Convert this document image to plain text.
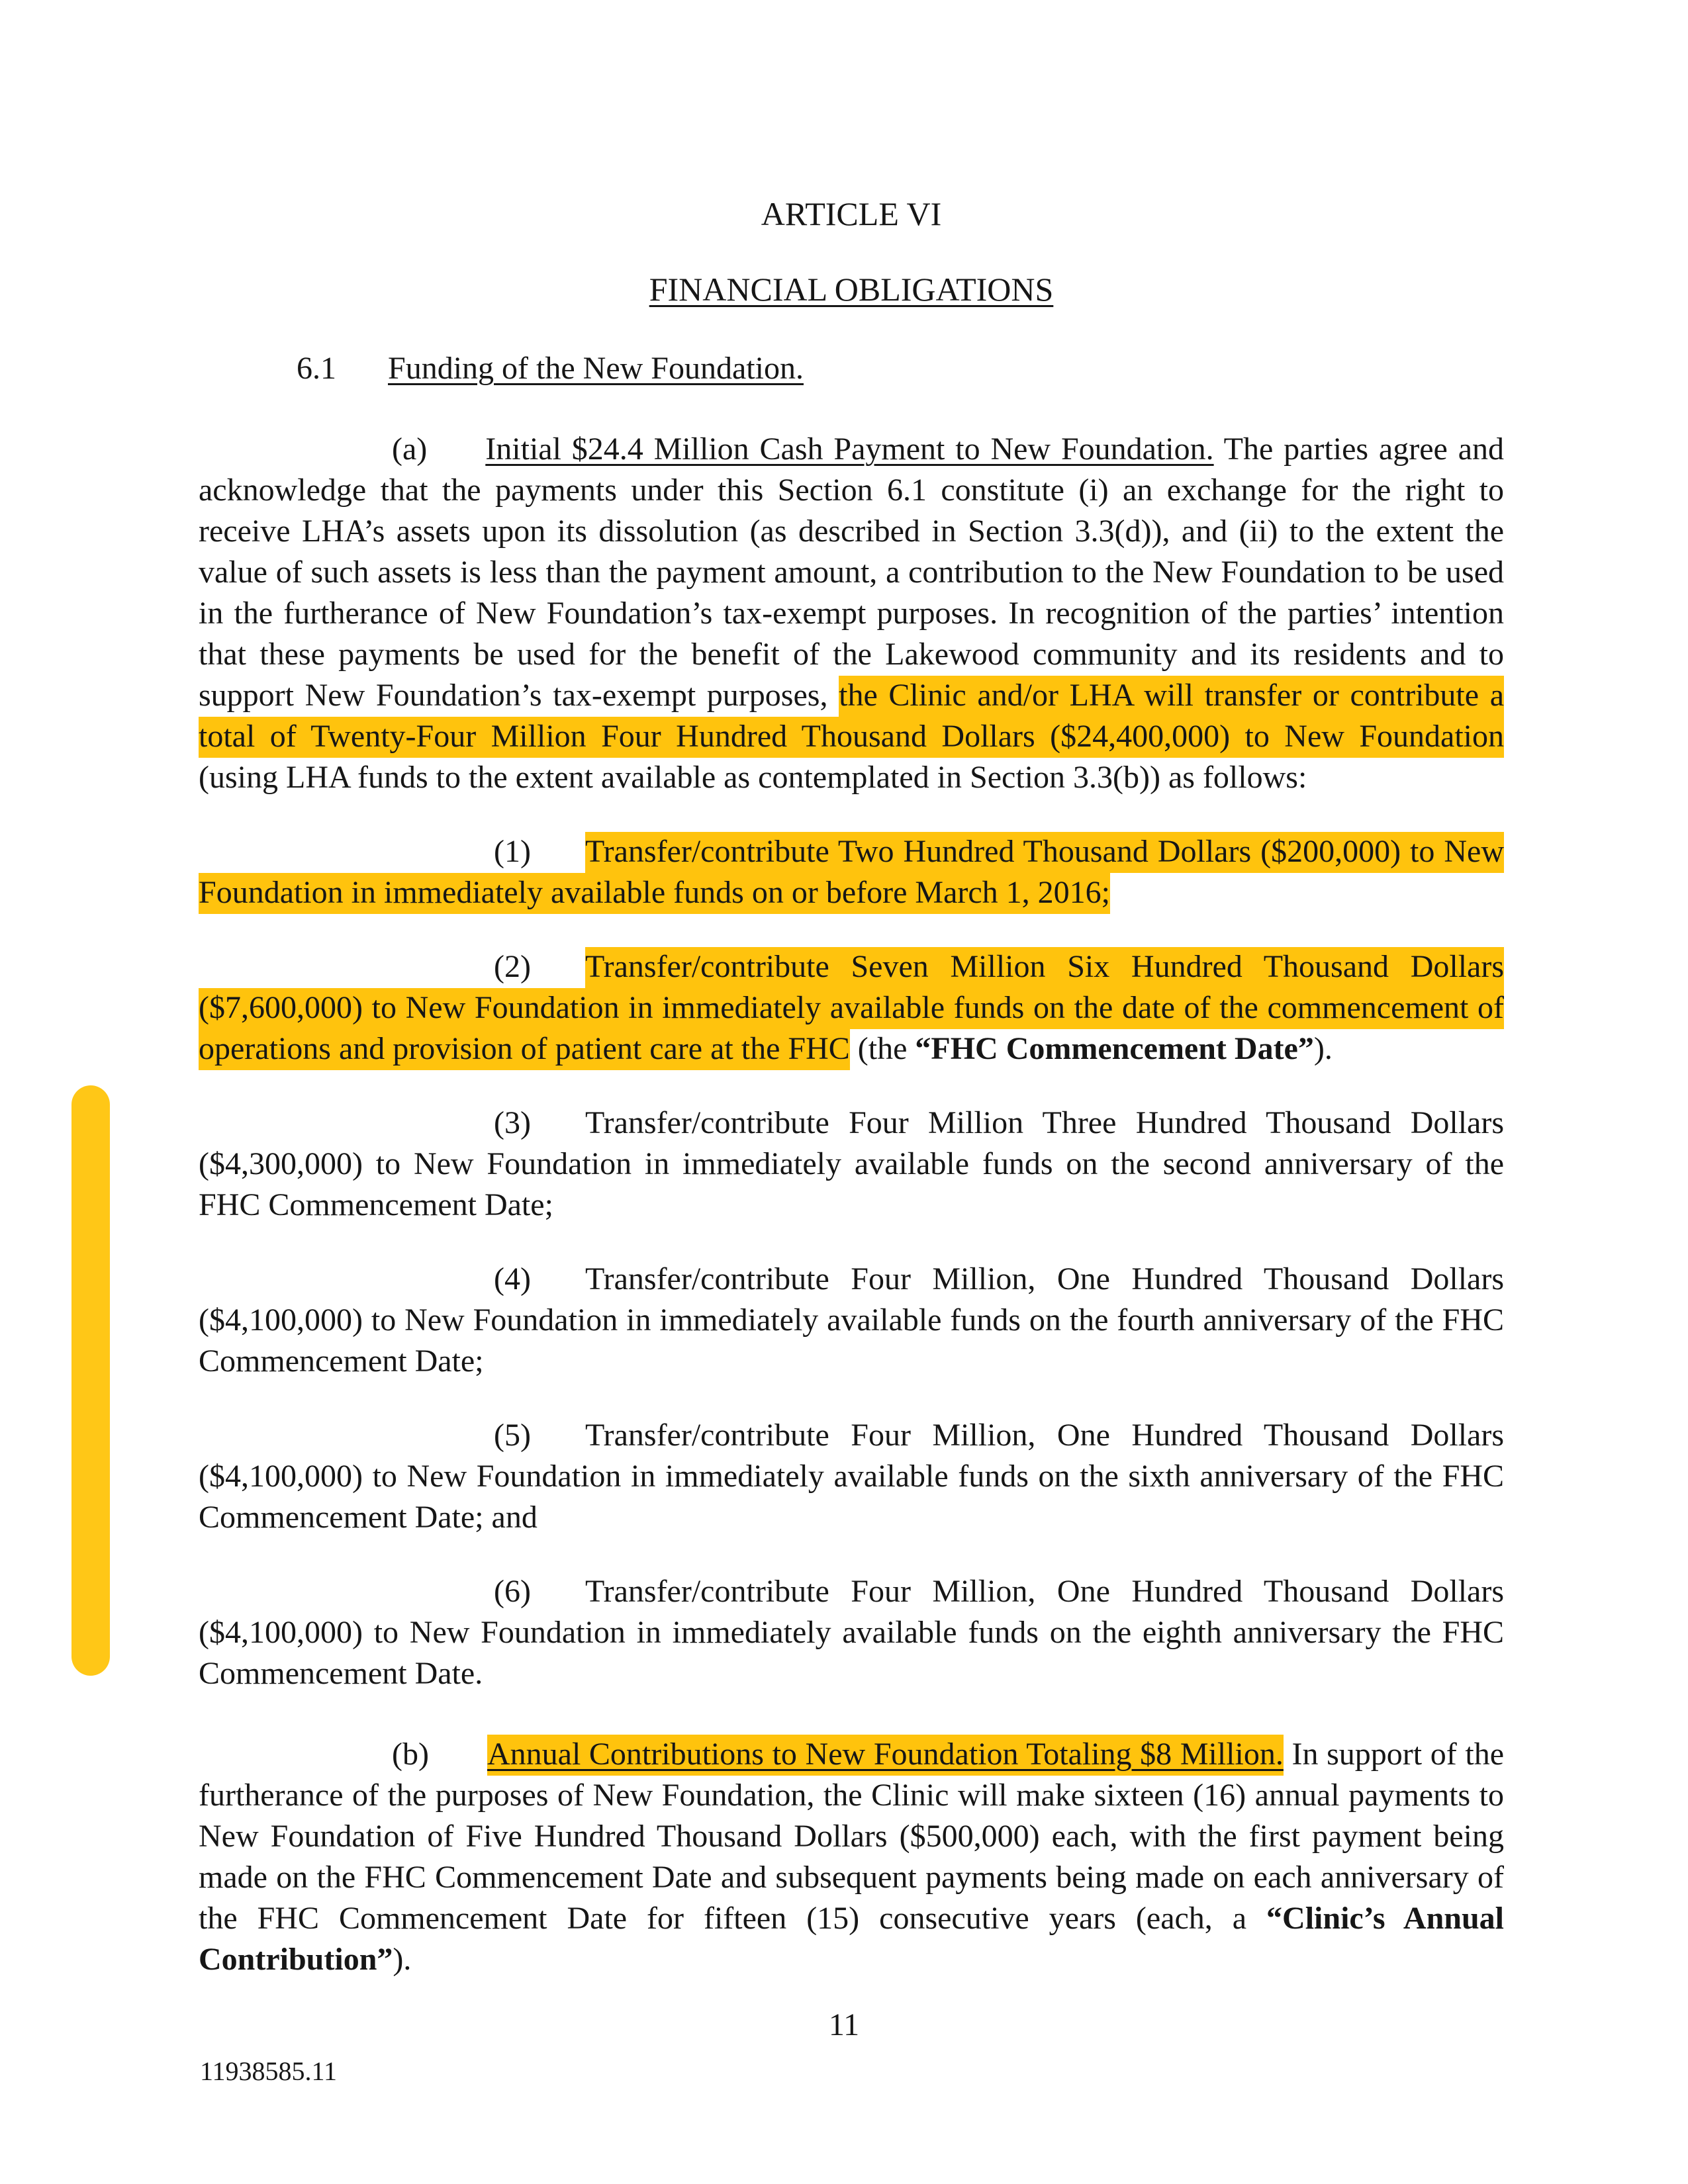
ARTICLE VI

FINANCIAL OBLIGATIONS

6.1 Funding of the New Foundation.

(a) Initial $24.4 Million Cash Payment to New Foundation. The parties agree and acknowledge that the payments under this Section 6.1 constitute (i) an exchange for the right to receive LHA’s assets upon its dissolution (as described in Section 3.3(d)), and (ii) to the extent the value of such assets is less than the payment amount, a contribution to the New Foundation to be used in the furtherance of New Foundation’s tax-exempt purposes. In recognition of the parties’ intention that these payments be used for the benefit of the Lakewood community and its residents and to support New Foundation’s tax-exempt purposes, the Clinic and/or LHA will transfer or contribute a total of Twenty-Four Million Four Hundred Thousand Dollars ($24,400,000) to New Foundation (using LHA funds to the extent available as contemplated in Section 3.3(b)) as follows:

(1) Transfer/contribute Two Hundred Thousand Dollars ($200,000) to New Foundation in immediately available funds on or before March 1, 2016;

(2) Transfer/contribute Seven Million Six Hundred Thousand Dollars ($7,600,000) to New Foundation in immediately available funds on the date of the commencement of operations and provision of patient care at the FHC (the “FHC Commencement Date”).

(3) Transfer/contribute Four Million Three Hundred Thousand Dollars ($4,300,000) to New Foundation in immediately available funds on the second anniversary of the FHC Commencement Date;

(4) Transfer/contribute Four Million, One Hundred Thousand Dollars ($4,100,000) to New Foundation in immediately available funds on the fourth anniversary of the FHC Commencement Date;

(5) Transfer/contribute Four Million, One Hundred Thousand Dollars ($4,100,000) to New Foundation in immediately available funds on the sixth anniversary of the FHC Commencement Date; and

(6) Transfer/contribute Four Million, One Hundred Thousand Dollars ($4,100,000) to New Foundation in immediately available funds on the eighth anniversary the FHC Commencement Date.

(b) Annual Contributions to New Foundation Totaling $8 Million. In support of the furtherance of the purposes of New Foundation, the Clinic will make sixteen (16) annual payments to New Foundation of Five Hundred Thousand Dollars ($500,000) each, with the first payment being made on the FHC Commencement Date and subsequent payments being made on each anniversary of the FHC Commencement Date for fifteen (15) consecutive years (each, a “Clinic’s Annual Contribution”).

11
11938585.11
